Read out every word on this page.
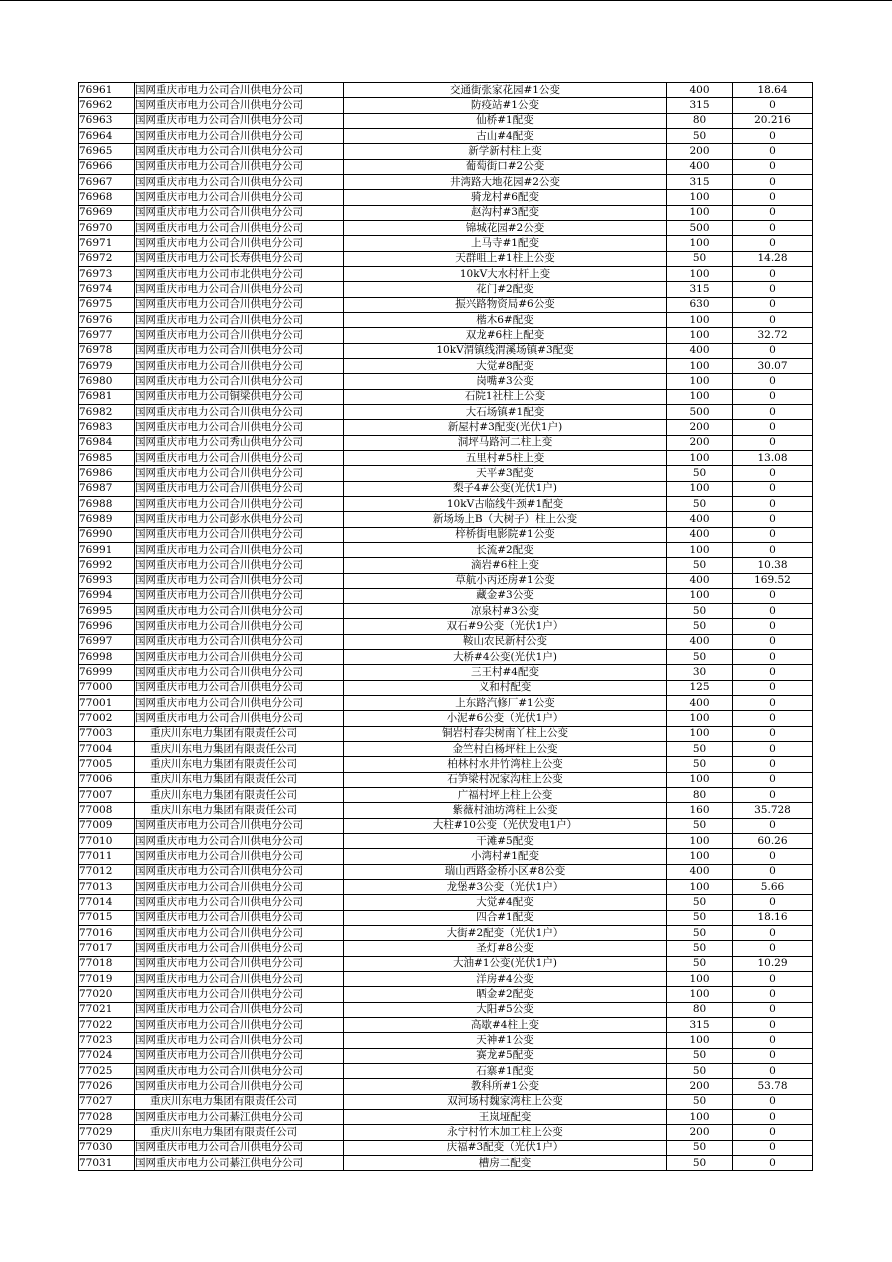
76961	国网重庆市电力公司合川供电分公司	交通街张家花园#1公变	400	18.64
76962	国网重庆市电力公司合川供电分公司	防疫站#1公变	315	0
76963	国网重庆市电力公司合川供电分公司	仙桥#1配变	80	20.216
76964	国网重庆市电力公司合川供电分公司	古山#4配变	50	0
76965	国网重庆市电力公司合川供电分公司	新学新村柱上变	200	0
76966	国网重庆市电力公司合川供电分公司	葡萄街口#2公变	400	0
76967	国网重庆市电力公司合川供电分公司	井湾路大地花园#2公变	315	0
76968	国网重庆市电力公司合川供电分公司	骑龙村#6配变	100	0
76969	国网重庆市电力公司合川供电分公司	赵沟村#3配变	100	0
76970	国网重庆市电力公司合川供电分公司	锦城花园#2公变	500	0
76971	国网重庆市电力公司合川供电分公司	上马寺#1配变	100	0
76972	国网重庆市电力公司长寿供电分公司	天群咀上#1柱上公变	50	14.28
76973	国网重庆市电力公司市北供电分公司	10kV大水村杆上变	100	0
76974	国网重庆市电力公司合川供电分公司	花门#2配变	315	0
76975	国网重庆市电力公司合川供电分公司	振兴路物资局#6公变	630	0
76976	国网重庆市电力公司合川供电分公司	楷木6#配变	100	0
76977	国网重庆市电力公司合川供电分公司	双龙#6柱上配变	100	32.72
76978	国网重庆市电力公司合川供电分公司	10kV渭镇线渭溪场镇#3配变	400	0
76979	国网重庆市电力公司合川供电分公司	大觉#8配变	100	30.07
76980	国网重庆市电力公司合川供电分公司	岗嘴#3公变	100	0
76981	国网重庆市电力公司铜梁供电分公司	石院1社柱上公变	100	0
76982	国网重庆市电力公司合川供电分公司	大石场镇#1配变	500	0
76983	国网重庆市电力公司合川供电分公司	新屋村#3配变(光伏1户)	200	0
76984	国网重庆市电力公司秀山供电分公司	洞坪马路河二柱上变	200	0
76985	国网重庆市电力公司合川供电分公司	五里村#5柱上变	100	13.08
76986	国网重庆市电力公司合川供电分公司	天平#3配变	50	0
76987	国网重庆市电力公司合川供电分公司	梨子4#公变(光伏1户)	100	0
76988	国网重庆市电力公司合川供电分公司	10kV古临线牛颈#1配变	50	0
76989	国网重庆市电力公司彭水供电分公司	新场场上B（大树子）柱上公变	400	0
76990	国网重庆市电力公司合川供电分公司	梓桥街电影院#1公变	400	0
76991	国网重庆市电力公司合川供电分公司	长流#2配变	100	0
76992	国网重庆市电力公司合川供电分公司	滴岩#6柱上变	50	10.38
76993	国网重庆市电力公司合川供电分公司	草航小丙还房#1公变	400	169.52
76994	国网重庆市电力公司合川供电分公司	藏金#3公变	100	0
76995	国网重庆市电力公司合川供电分公司	凉泉村#3公变	50	0
76996	国网重庆市电力公司合川供电分公司	双石#9公变（光伏1户）	50	0
76997	国网重庆市电力公司合川供电分公司	鞍山农民新村公变	400	0
76998	国网重庆市电力公司合川供电分公司	大桥#4公变(光伏1户)	50	0
76999	国网重庆市电力公司合川供电分公司	三王村#4配变	30	0
77000	国网重庆市电力公司合川供电分公司	义和村配变	125	0
77001	国网重庆市电力公司合川供电分公司	上东路汽修厂#1公变	400	0
77002	国网重庆市电力公司合川供电分公司	小泥#6公变（光伏1户）	100	0
77003	重庆川东电力集团有限责任公司	铜岩村春尖树南丫柱上公变	100	0
77004	重庆川东电力集团有限责任公司	金竺村白杨坪柱上公变	50	0
77005	重庆川东电力集团有限责任公司	柏林村水井竹湾柱上公变	50	0
77006	重庆川东电力集团有限责任公司	石笋梁村况家沟柱上公变	100	0
77007	重庆川东电力集团有限责任公司	广福村坪上柱上公变	80	0
77008	重庆川东电力集团有限责任公司	紫薇村油坊湾柱上公变	160	35.728
77009	国网重庆市电力公司合川供电分公司	大柱#10公变（光伏发电1户）	50	0
77010	国网重庆市电力公司合川供电分公司	干滩#5配变	100	60.26
77011	国网重庆市电力公司合川供电分公司	小湾村#1配变	100	0
77012	国网重庆市电力公司合川供电分公司	瑞山西路金桥小区#8公变	400	0
77013	国网重庆市电力公司合川供电分公司	龙堡#3公变（光伏1户）	100	5.66
77014	国网重庆市电力公司合川供电分公司	大觉#4配变	50	0
77015	国网重庆市电力公司合川供电分公司	四合#1配变	50	18.16
77016	国网重庆市电力公司合川供电分公司	大街#2配变（光伏1户）	50	0
77017	国网重庆市电力公司合川供电分公司	圣灯#8公变	50	0
77018	国网重庆市电力公司合川供电分公司	大油#1公变(光伏1户)	50	10.29
77019	国网重庆市电力公司合川供电分公司	洋房#4公变	100	0
77020	国网重庆市电力公司合川供电分公司	晒金#2配变	100	0
77021	国网重庆市电力公司合川供电分公司	大阳#5公变	80	0
77022	国网重庆市电力公司合川供电分公司	高歇#4柱上变	315	0
77023	国网重庆市电力公司合川供电分公司	天神#1公变	100	0
77024	国网重庆市电力公司合川供电分公司	赛龙#5配变	50	0
77025	国网重庆市电力公司合川供电分公司	石寨#1配变	50	0
77026	国网重庆市电力公司合川供电分公司	教科所#1公变	200	53.78
77027	重庆川东电力集团有限责任公司	双河场村魏家湾柱上公变	50	0
77028	国网重庆市电力公司綦江供电分公司	王岚垭配变	100	0
77029	重庆川东电力集团有限责任公司	永宁村竹木加工柱上公变	200	0
77030	国网重庆市电力公司合川供电分公司	庆福#3配变（光伏1户）	50	0
77031	国网重庆市电力公司綦江供电分公司	槽房二配变	50	0
